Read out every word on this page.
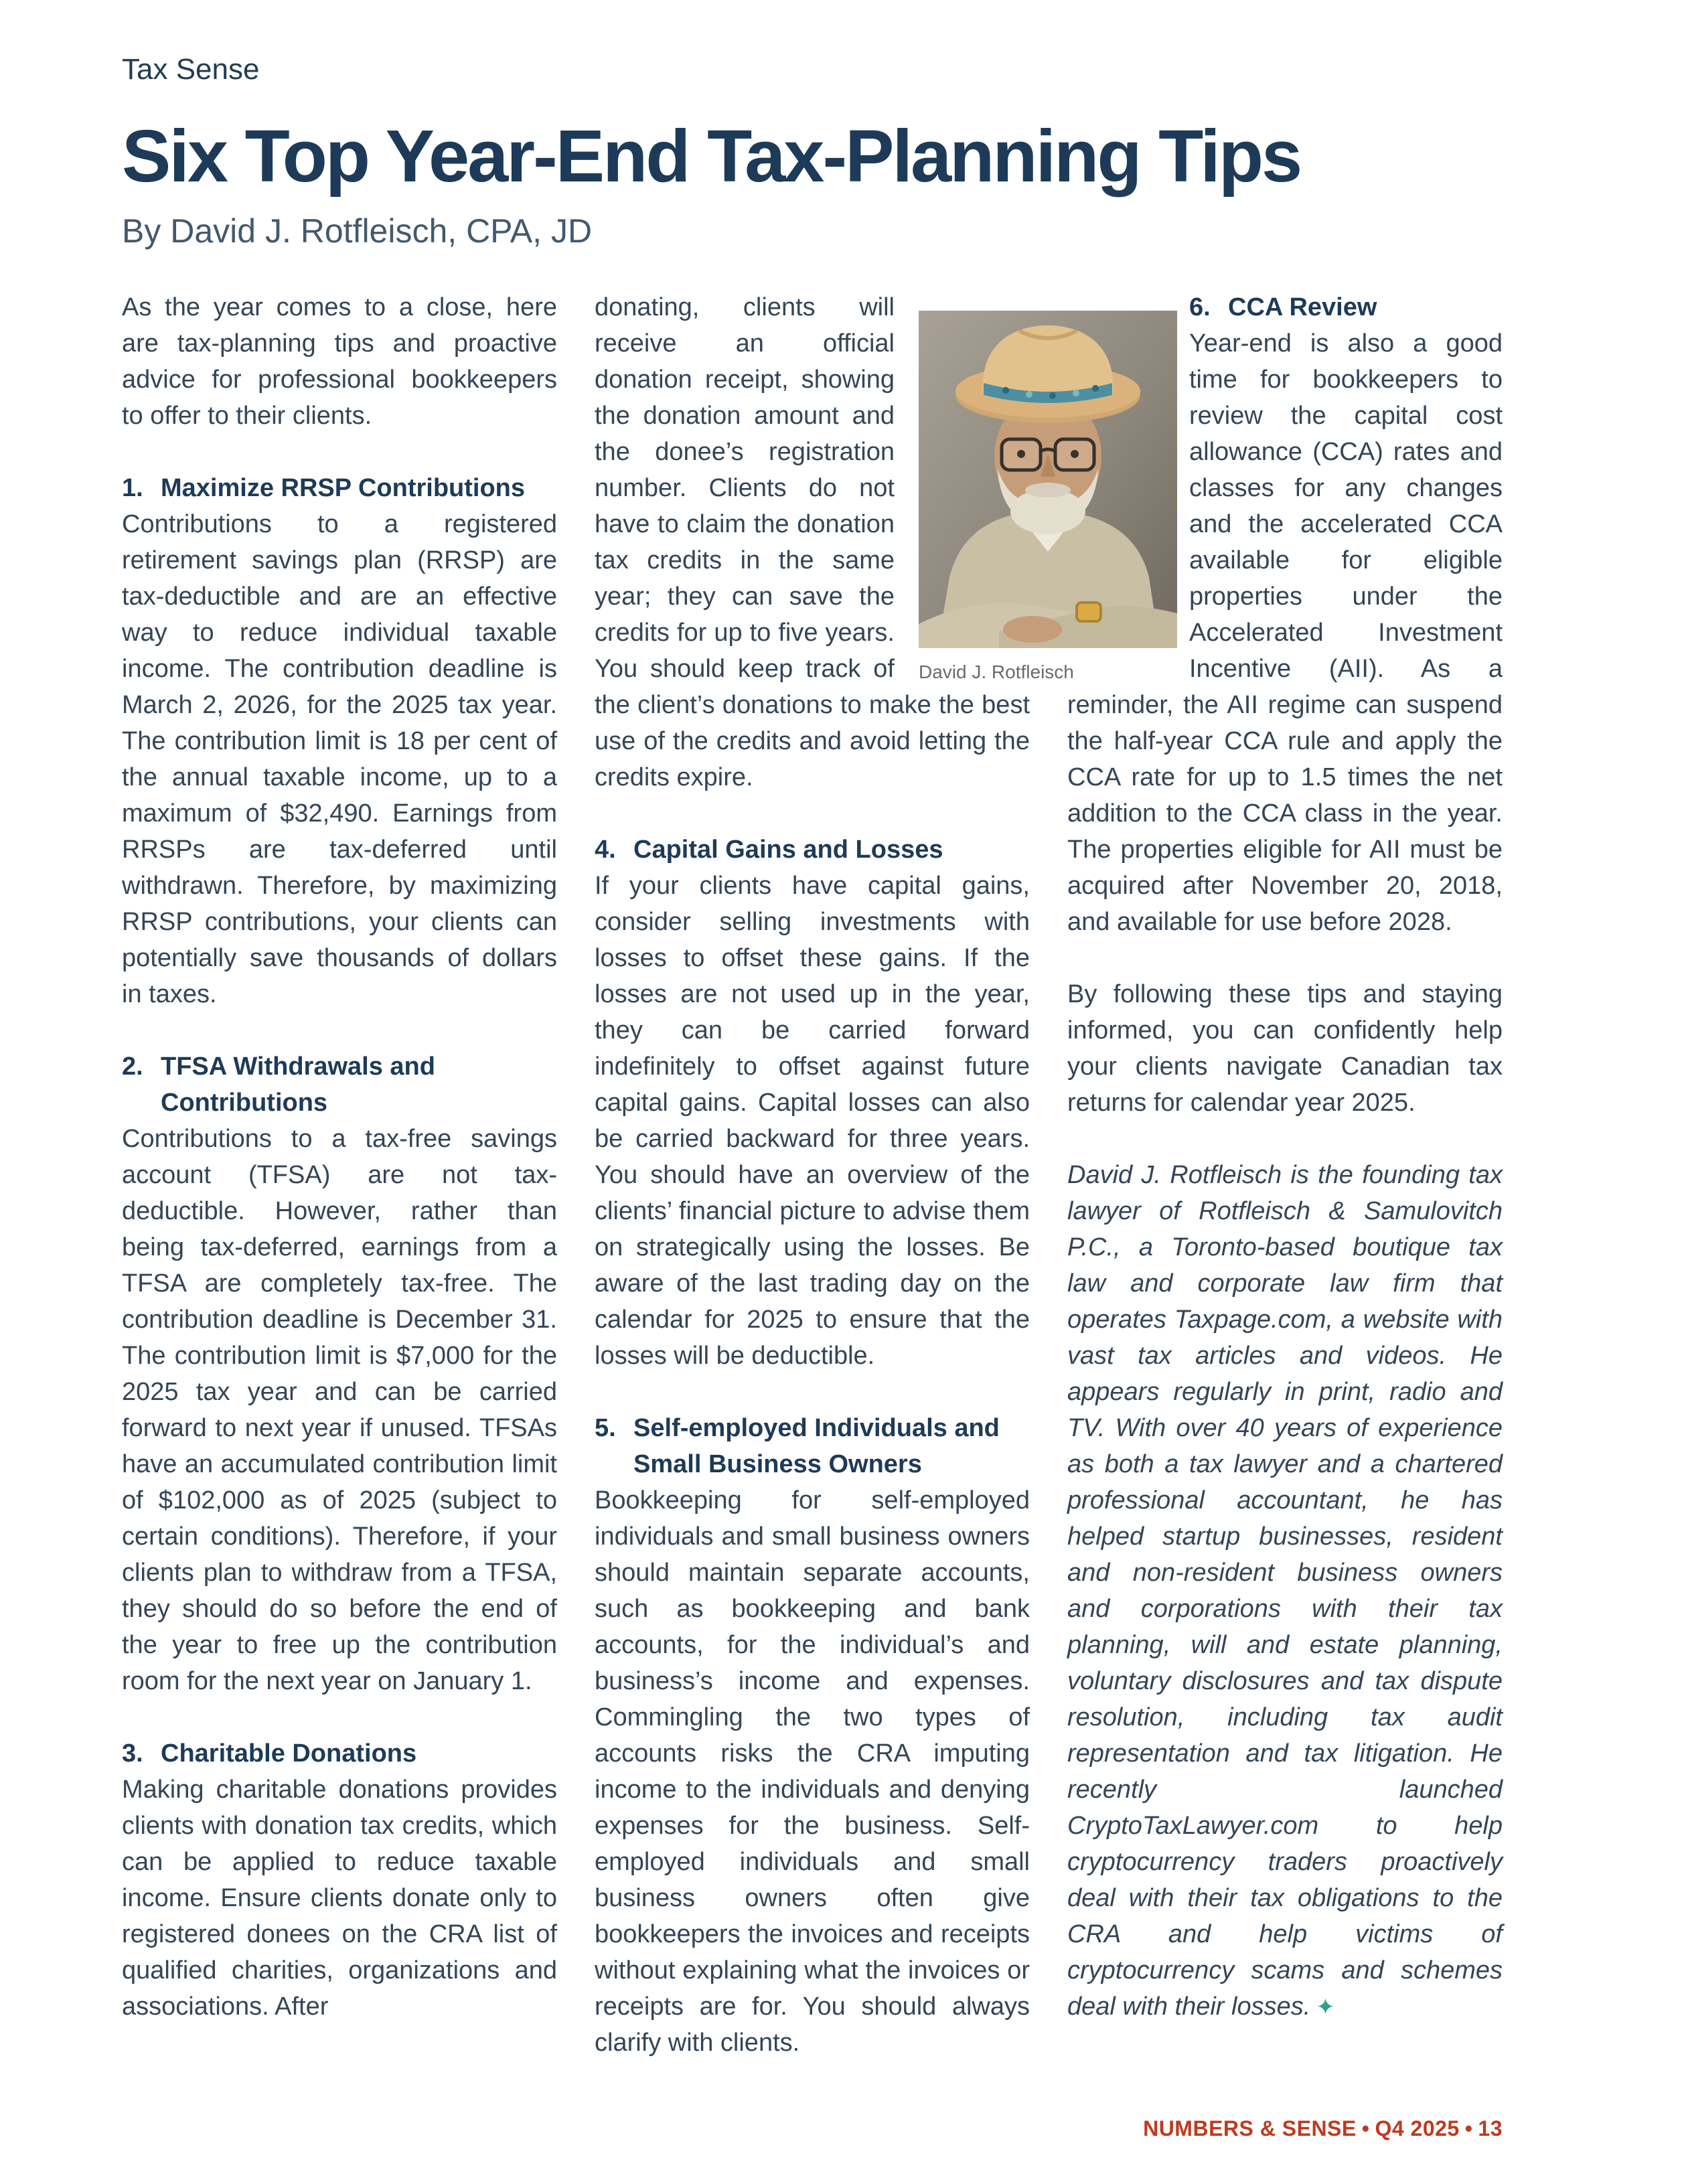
Tax Sense
Six Top Year-End Tax-Planning Tips
By David J. Rotfleisch, CPA, JD

As the year comes to a close, here are tax-planning tips and proactive advice for professional bookkeepers to offer to their clients.

1. Maximize RRSP Contributions

Contributions to a registered retirement savings plan (RRSP) are tax-deductible and are an effective way to reduce individual taxable income. The contribution deadline is March 2, 2026, for the 2025 tax year. The contribution limit is 18 per cent of the annual taxable income, up to a maximum of $32,490. Earnings from RRSPs are tax-deferred until withdrawn. Therefore, by maximizing RRSP contributions, your clients can potentially save thousands of dollars in taxes.

2. TFSA Withdrawals and Contributions

Contributions to a tax-free savings account (TFSA) are not tax-deductible. However, rather than being tax-deferred, earnings from a TFSA are completely tax-free. The contribution deadline is December 31. The contribution limit is $7,000 for the 2025 tax year and can be carried forward to next year if unused. TFSAs have an accumulated contribution limit of $102,000 as of 2025 (subject to certain conditions). Therefore, if your clients plan to withdraw from a TFSA, they should do so before the end of the year to free up the contribution room for the next year on January 1.

3. Charitable Donations

Making charitable donations provides clients with donation tax credits, which can be applied to reduce taxable income. Ensure clients donate only to registered donees on the CRA list of qualified charities, organizations and associations. After

donating, clients will receive an official donation receipt, showing the donation amount and the donee’s registration number. Clients do not have to claim the donation tax credits in the same year; they can save the credits for up to five years. You should keep track of the client’s donations to make the best use of the credits and avoid letting the credits expire.

4. Capital Gains and Losses

If your clients have capital gains, consider selling investments with losses to offset these gains. If the losses are not used up in the year, they can be carried forward indefinitely to offset against future capital gains. Capital losses can also be carried backward for three years. You should have an overview of the clients’ financial picture to advise them on strategically using the losses. Be aware of the last trading day on the calendar for 2025 to ensure that the losses will be deductible.

5. Self-employed Individuals and Small Business Owners

Bookkeeping for self-employed individuals and small business owners should maintain separate accounts, such as bookkeeping and bank accounts, for the individual’s and business’s income and expenses. Commingling the two types of accounts risks the CRA imputing income to the individuals and denying expenses for the business. Self-employed individuals and small business owners often give bookkeepers the invoices and receipts without explaining what the invoices or receipts are for. You should always clarify with clients.

6. CCA Review

Year-end is also a good time for bookkeepers to review the capital cost allowance (CCA) rates and classes for any changes and the accelerated CCA available for eligible properties under the Accelerated Investment Incentive (AII). As a reminder, the AII regime can suspend the half-year CCA rule and apply the CCA rate for up to 1.5 times the net addition to the CCA class in the year. The properties eligible for AII must be acquired after November 20, 2018, and available for use before 2028.

By following these tips and staying informed, you can confidently help your clients navigate Canadian tax returns for calendar year 2025.

David J. Rotfleisch is the founding tax lawyer of Rotfleisch & Samulovitch P.C., a Toronto-based boutique tax law and corporate law firm that operates Taxpage.com, a website with vast tax articles and videos. He appears regularly in print, radio and TV. With over 40 years of experience as both a tax lawyer and a chartered professional accountant, he has helped startup businesses, resident and non-resident business owners and corporations with their tax planning, will and estate planning, voluntary disclosures and tax dispute resolution, including tax audit representation and tax litigation. He recently launched CryptoTaxLawyer.com to help cryptocurrency traders proactively deal with their tax obligations to the CRA and help victims of cryptocurrency scams and schemes deal with their losses. ✦

David J. Rotfleisch
NUMBERS & SENSE • Q4 2025 • 13
